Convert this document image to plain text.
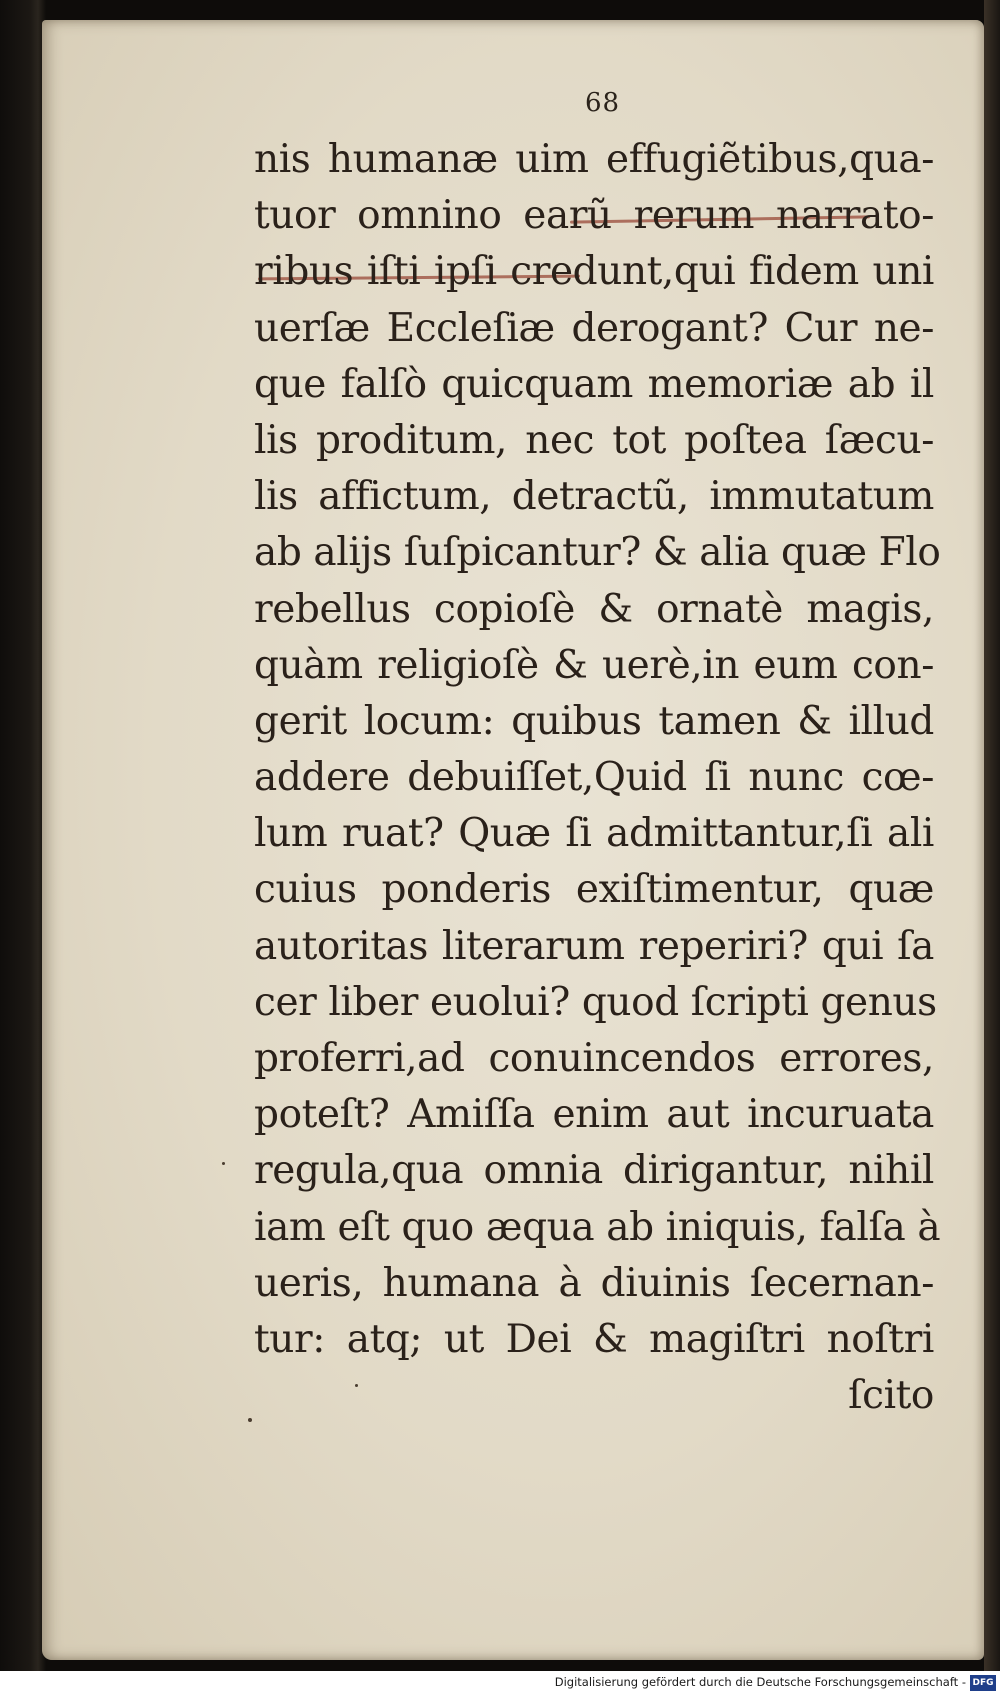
68
nis humanæ uim effugiẽtibus,qua-
tuor omnino earũ rerum narrato-
ribus iſti ipſi credunt,qui fidem uni
uerſæ Eccleſiæ derogant? Cur ne-
que falſò quicquam memoriæ ab il
lis proditum, nec tot poſtea ſæcu-
lis affictum, detractũ, immutatum
ab alijs ſuſpicantur? & alia quæ Flo
rebellus copioſè & ornatè magis,
quàm religioſè & uerè,in eum con-
gerit locum: quibus tamen & illud
addere debuiſſet,Quid ſi nunc cœ-
lum ruat? Quæ ſi admittantur,ſi ali
cuius ponderis exiſtimentur, quæ
autoritas literarum reperiri? qui ſa
cer liber euolui? quod ſcripti genus
proferri,ad conuincendos errores,
poteſt? Amiſſa enim aut incuruata
regula,qua omnia dirigantur, nihil
iam eſt quo æqua ab iniquis, falſa à
ueris, humana à diuinis ſecernan-
tur: atq; ut Dei & magiſtri noſtri
ſcito
Digitalisierung gefördert durch die Deutsche Forschungsgemeinschaft - DFG
